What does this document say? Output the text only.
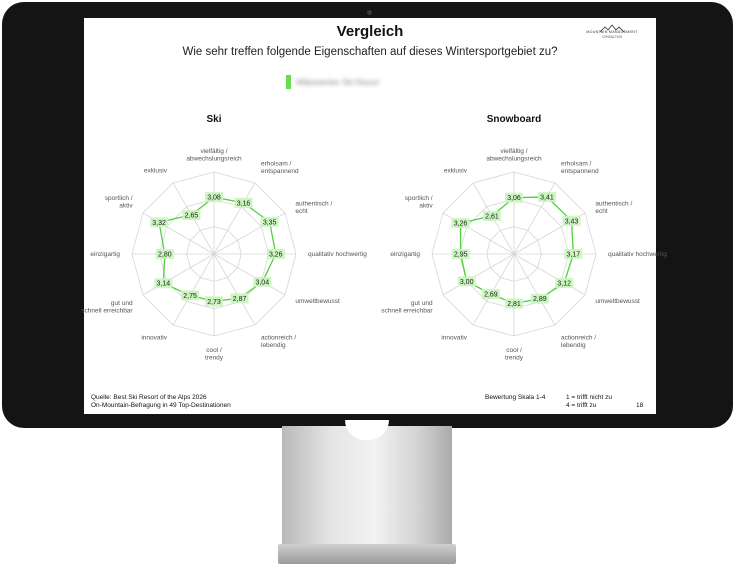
Vergleich
Wie sehr treffen folgende Eigenschaften auf dieses Wintersportgebiet zu?
MOUNTAIN MANAGEMENT
CONSULTING
Mitbewerber Ski Resort
Ski
3,08
3,16
3,35
3,26
3,04
2,87
2,73
2,75
3,14
2,80
3,32
2,65
vielfältig / abwechslungsreich
erholsam / entspannend
authentisch / echt
qualitativ hochwertig
umweltbewusst
actionreich / lebendig
cool / trendy
innovativ
gut und schnell erreichbar
einzigartig
sportlich / aktiv
exklusiv
Snowboard
3,06	3,41
3,43
3,17
3,12
2,89
2,81
2,69
3,00
2,95
3,26
2,61
vielfältig / abwechslungsreich
erholsam / entspannend
authentisch / echt
qualitativ hochwertig
umweltbewusst
actionreich / lebendig
cool / trendy
innovativ
gut und schnell erreichbar
einzigartig
sportlich / aktiv
exklusiv
Quelle: Best Ski Resort of the Alps 2026
On-Mountain-Befragung in 49 Top-Destinationen
Bewertung Skala 1-4	1 = trifft nicht zu
4 = trifft zu	18
